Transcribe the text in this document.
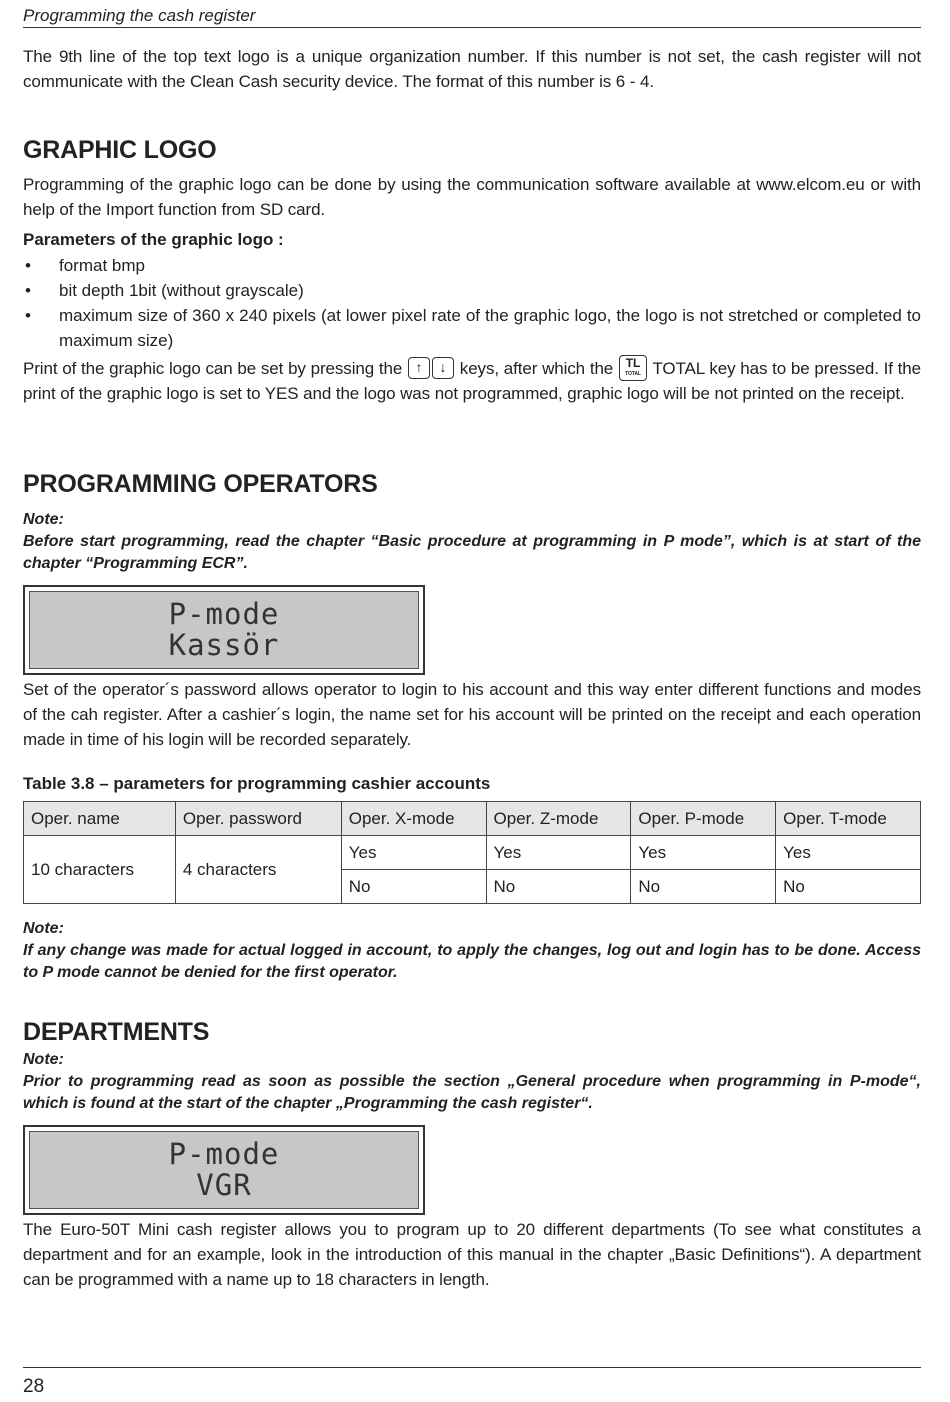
Programming the cash register

The 9th line of the top text logo is a unique organization number. If this number is not set, the cash register will not communicate with the Clean Cash security device. The format of this number is 6 - 4.

GRAPHIC LOGO

Programming of the graphic logo can be done by using the communication software available at www.elcom.eu or with help of the Import function from SD card.

Parameters of the graphic logo :
• format bmp
• bit depth 1bit (without grayscale)
• maximum size of 360 x 240 pixels (at lower pixel rate of the graphic logo, the logo is not stretched or completed to maximum size)

Print of the graphic logo can be set by pressing the ↑ ↓ keys, after which the	TL
TOTAL TOTAL key has to be pressed. If the print of the graphic logo is set to YES and the logo was not programmed, graphic logo will be not printed on the receipt.

PROGRAMMING OPERATORS
Note:
Before start programming, read the chapter “Basic procedure at programming in P mode”, which is at start of the chapter “Programming ECR”.
P-mode
Kassör

Set of the operator´s password allows operator to login to his account and this way enter different functions and modes of the cah register. After a cashier´s login, the name set for his account will be printed on the receipt and each operation made in time of his login will be recorded separately.

Table 3.8 – parameters for programming cashier accounts
Oper. name	Oper. password	Oper. X-mode	Oper. Z-mode	Oper. P-mode	Oper. T-mode
10 characters	4 characters	Yes	Yes	Yes	Yes
		No	No	No	No
Note:
If any change was made for actual logged in account, to apply the changes, log out and login has to be done. Access to P mode cannot be denied for the first operator.
DEPARTMENTS
Note:
Prior to programming read as soon as possible the section „General procedure when programming in P-mode“, which is found at the start of the chapter „Programming the cash register“.
P-mode
VGR

The Euro-50T Mini cash register allows you to program up to 20 different departments (To see what constitutes a department and for an example, look in the introduction of this manual in the chapter „Basic Definitions“). A department can be programmed with a name up to 18 characters in length.

28
